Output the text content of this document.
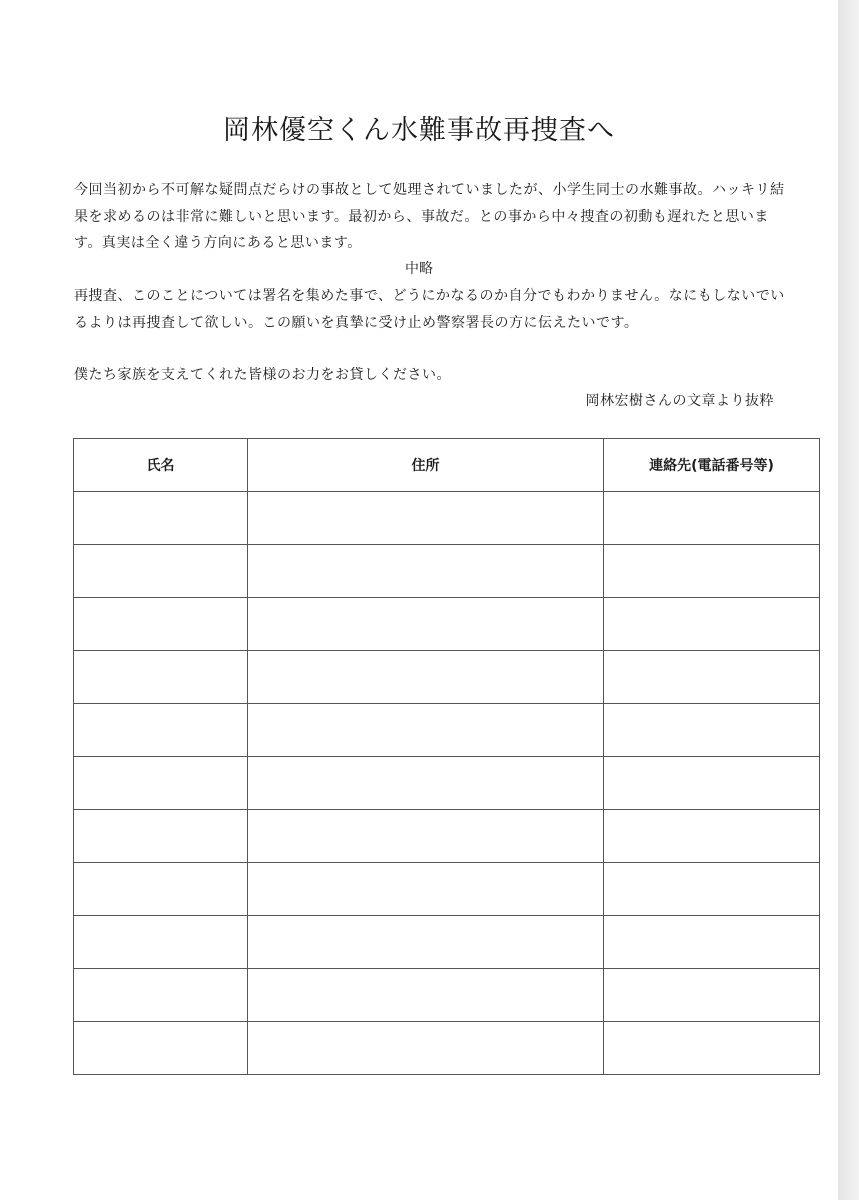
岡林優空くん水難事故再捜査へ
今回当初から不可解な疑問点だらけの事故として処理されていましたが、小学生同士の水難事故。ハッキリ結果を求めるのは非常に難しいと思います。最初から、事故だ。との事から中々捜査の初動も遅れたと思います。真実は全く違う方向にあると思います。
中略
再捜査、このことについては署名を集めた事で、どうにかなるのか自分でもわかりません。なにもしないでいるよりは再捜査して欲しい。この願いを真摯に受け止め警察署長の方に伝えたいです。
僕たち家族を支えてくれた皆様のお力をお貸しください。
岡林宏樹さんの文章より抜粋
氏名	住所	連絡先(電話番号等)
